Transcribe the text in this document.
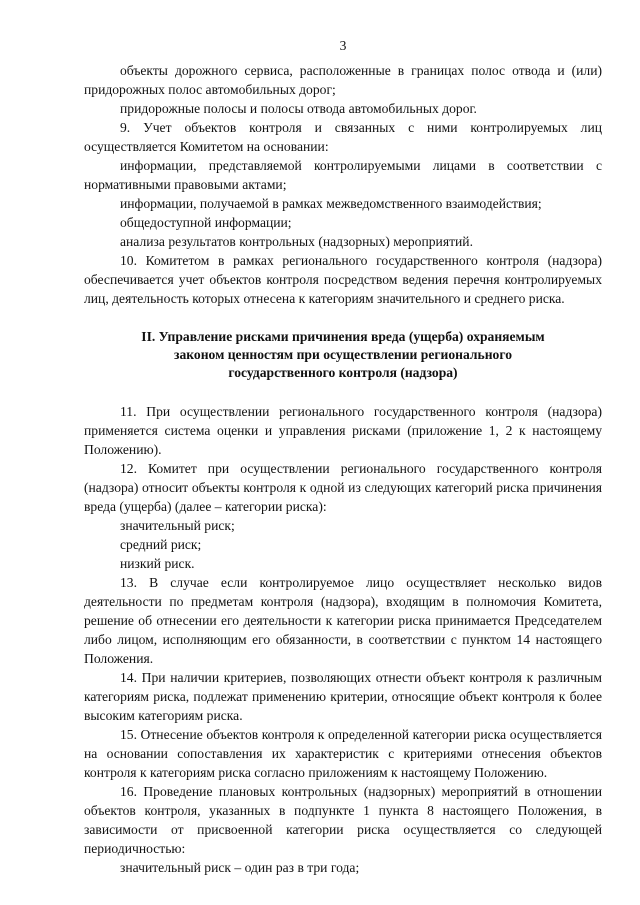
3

объекты дорожного сервиса, расположенные в границах полос отвода и (или) придорожных полос автомобильных дорог;

придорожные полосы и полосы отвода автомобильных дорог.

9. Учет объектов контроля и связанных с ними контролируемых лиц осуществляется Комитетом на основании:

информации, представляемой контролируемыми лицами в соответствии с нормативными правовыми актами;

информации, получаемой в рамках межведомственного взаимодействия;

общедоступной информации;

анализа результатов контрольных (надзорных) мероприятий.

10. Комитетом в рамках регионального государственного контроля (надзора) обеспечивается учет объектов контроля посредством ведения перечня контролируемых лиц, деятельность которых отнесена к категориям значительного и среднего риска.

II. Управление рисками причинения вреда (ущерба) охраняемым
законом ценностям при осуществлении регионального
государственного контроля (надзора)

11. При осуществлении регионального государственного контроля (надзора) применяется система оценки и управления рисками (приложение 1, 2 к настоящему Положению).

12. Комитет при осуществлении регионального государственного контроля (надзора) относит объекты контроля к одной из следующих категорий риска причинения вреда (ущерба) (далее – категории риска):

значительный риск;

средний риск;

низкий риск.

13. В случае если контролируемое лицо осуществляет несколько видов деятельности по предметам контроля (надзора), входящим в полномочия Комитета, решение об отнесении его деятельности к категории риска принимается Председателем либо лицом, исполняющим его обязанности, в соответствии с пунктом 14 настоящего Положения.

14. При наличии критериев, позволяющих отнести объект контроля к различным категориям риска, подлежат применению критерии, относящие объект контроля к более высоким категориям риска.

15. Отнесение объектов контроля к определенной категории риска осуществляется на основании сопоставления их характеристик с критериями отнесения объектов контроля к категориям риска согласно приложениям к настоящему Положению.

16. Проведение плановых контрольных (надзорных) мероприятий в отношении объектов контроля, указанных в подпункте 1 пункта 8 настоящего Положения, в зависимости от присвоенной категории риска осуществляется со следующей периодичностью:

значительный риск – один раз в три года;
